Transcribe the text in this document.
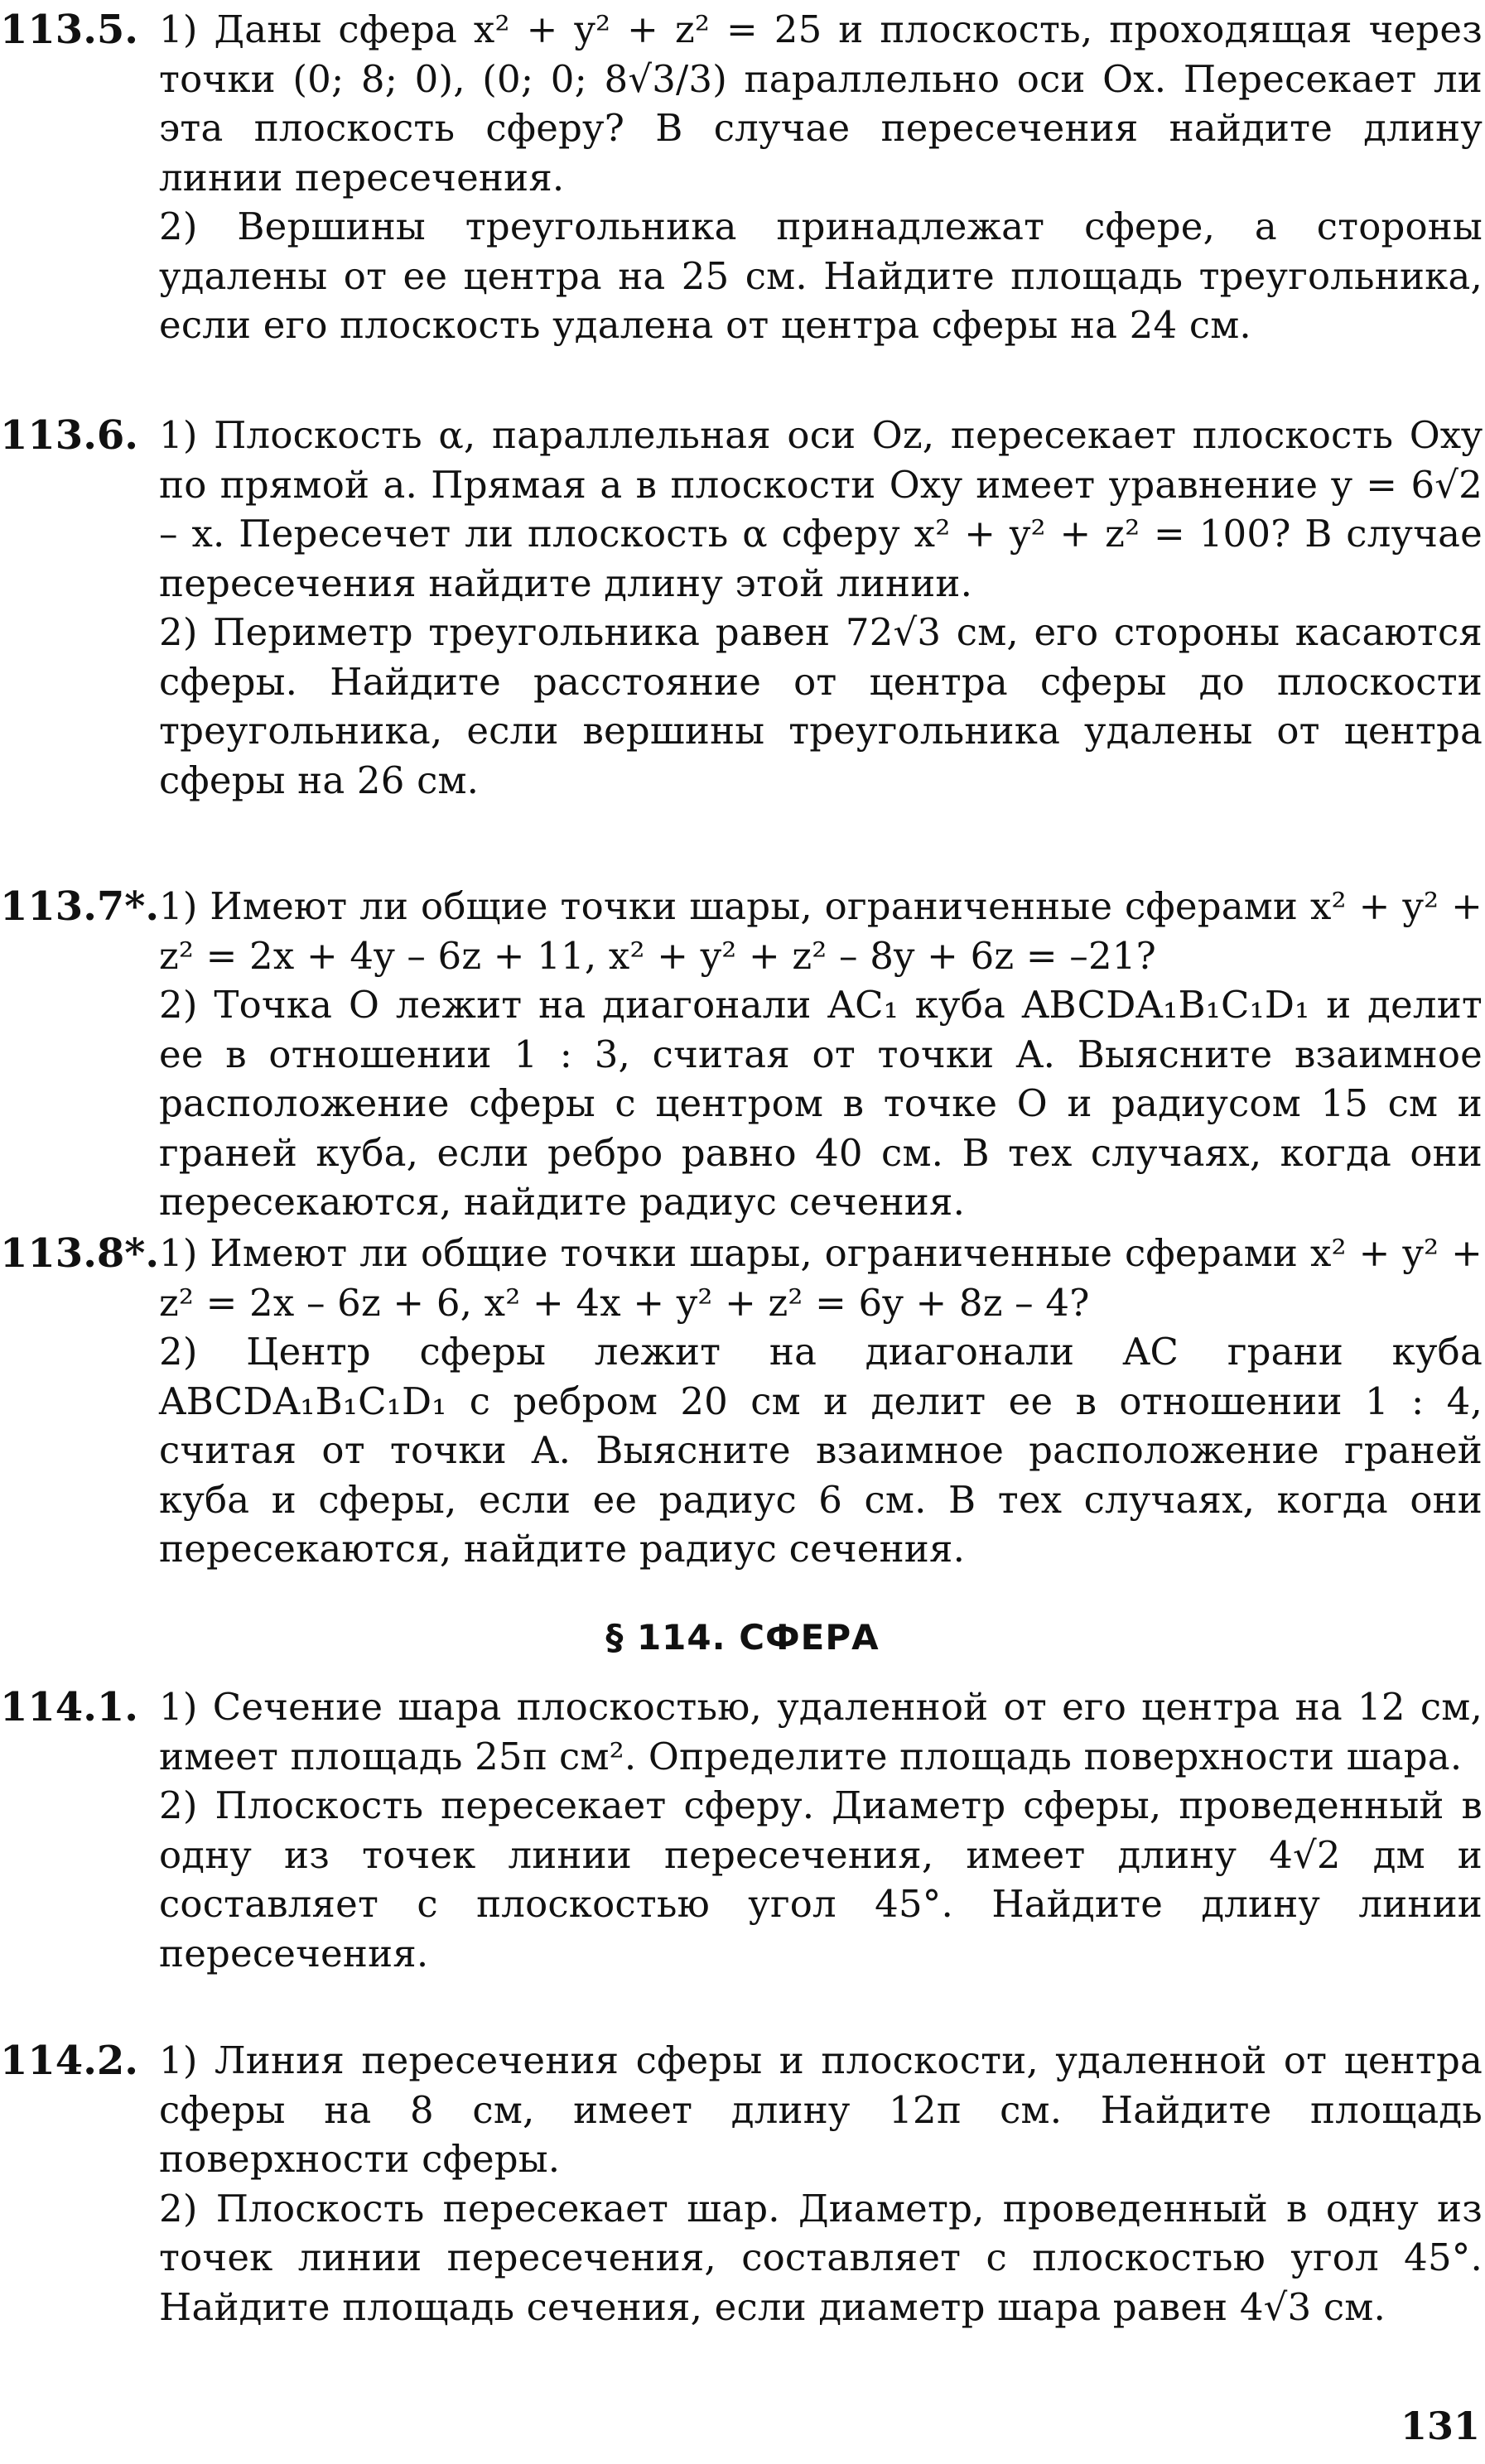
113.5. 1) Даны сфера x² + y² + z² = 25 и плоскость, проходящая через точки (0; 8; 0), (0; 0; 8√3/3) параллельно оси Ox. Пересекает ли эта плоскость сферу? В случае пересечения найдите длину линии пересечения.

2) Вершины треугольника принадлежат сфере, а стороны удалены от ее центра на 25 см. Найдите площадь треугольника, если его плоскость удалена от центра сферы на 24 см.

113.6. 1) Плоскость α, параллельная оси Oz, пересекает плоскость Oxy по прямой a. Прямая a в плоскости Oxy имеет уравнение y = 6√2 – x. Пересечет ли плоскость α сферу x² + y² + z² = 100? В случае пересечения найдите длину этой линии.

2) Периметр треугольника равен 72√3 см, его стороны касаются сферы. Найдите расстояние от центра сферы до плоскости треугольника, если вершины треугольника удалены от центра сферы на 26 см.

113.7*. 1) Имеют ли общие точки шары, ограниченные сферами x² + y² + z² = 2x + 4y – 6z + 11, x² + y² + z² – 8y + 6z = –21?

2) Точка O лежит на диагонали AC₁ куба ABCDA₁B₁C₁D₁ и делит ее в отношении 1 : 3, считая от точки A. Выясните взаимное расположение сферы с центром в точке O и радиусом 15 см и граней куба, если ребро равно 40 см. В тех случаях, когда они пересекаются, найдите радиус сечения.

113.8*. 1) Имеют ли общие точки шары, ограниченные сферами x² + y² + z² = 2x – 6z + 6, x² + 4x + y² + z² = 6y + 8z – 4?

2) Центр сферы лежит на диагонали AC грани куба ABCDA₁B₁C₁D₁ с ребром 20 см и делит ее в отношении 1 : 4, считая от точки A. Выясните взаимное расположение граней куба и сферы, если ее радиус 6 см. В тех случаях, когда они пересекаются, найдите радиус сечения.

§ 114. СФЕРА
114.1. 1) Сечение шара плоскостью, удаленной от его центра на 12 см, имеет площадь 25π см². Определите площадь поверхности шара.

2) Плоскость пересекает сферу. Диаметр сферы, проведенный в одну из точек линии пересечения, имеет длину 4√2 дм и составляет с плоскостью угол 45°. Найдите длину линии пересечения.

114.2. 1) Линия пересечения сферы и плоскости, удаленной от центра сферы на 8 см, имеет длину 12π см. Найдите площадь поверхности сферы.

2) Плоскость пересекает шар. Диаметр, проведенный в одну из точек линии пересечения, составляет с плоскостью угол 45°. Найдите площадь сечения, если диаметр шара равен 4√3 см.

131
